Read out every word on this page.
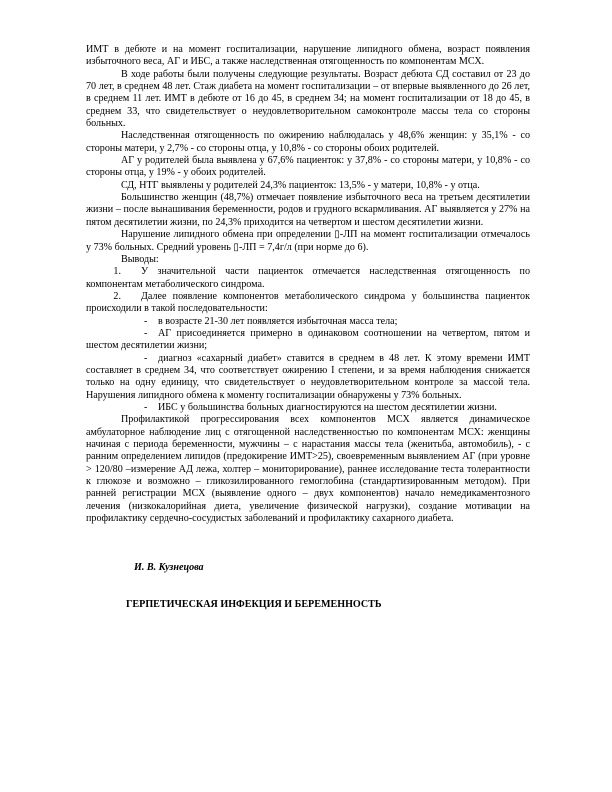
ИМТ в дебюте и на момент госпитализации, нарушение липидного обмена, возраст появления избыточного веса, АГ и ИБС, а также наследственная отягощенность по компонентам МСХ.

В ходе работы были получены следующие результаты. Возраст дебюта СД составил от 23 до 70 лет, в среднем 48 лет. Стаж диабета на момент госпитализации – от впервые выявленного до 26 лет, в среднем 11 лет. ИМТ в дебюте от 16 до 45, в среднем 34; на момент госпитализации от 18 до 45, в среднем 33, что свидетельствует о неудовлетворительном самоконтроле массы тела со стороны больных.

Наследственная отягощенность по ожирению наблюдалась у 48,6% женщин: у 35,1% - со стороны матери, у 2,7% - со стороны отца, у 10,8% - со стороны обоих родителей.

АГ у родителей была выявлена у 67,6% пациенток: у 37,8% - со стороны матери, у 10,8% - со стороны отца, у 19% - у обоих родителей.

СД, НТГ выявлены у родителей 24,3% пациенток: 13,5% - у матери, 10,8% - у отца.

Большинство женщин (48,7%) отмечает появление избыточного веса на третьем десятилетии жизни – после вынашивания беременности, родов и грудного вскармливания. АГ выявляется у 27% на пятом десятилетии жизни, по 24,3% приходится на четвертом и шестом десятилетии жизни.

Нарушение липидного обмена при определении ▯-ЛП на момент госпитализации отмечалось у 73% больных. Средний уровень ▯-ЛП = 7,4г/л (при норме до 6).

Выводы:

1. У значительной части пациенток отмечается наследственная отягощенность по компонентам метаболического синдрома.

2. Далее появление компонентов метаболического синдрома у большинства пациенток происходили в такой последовательности:

- в возрасте 21-30 лет появляется избыточная масса тела;

- АГ присоединяется примерно в одинаковом соотношении на четвертом, пятом и шестом десятилетии жизни;

- диагноз «сахарный диабет» ставится в среднем в 48 лет. К этому времени ИМТ составляет в среднем 34, что соответствует ожирению I степени, и за время наблюдения снижается только на одну единицу, что свидетельствует о неудовлетворительном контроле за массой тела. Нарушения липидного обмена к моменту госпитализации обнаружены у 73% больных.

- ИБС у большинства больных диагностируются на шестом десятилетии жизни.

Профилактикой прогрессирования всех компонентов МСХ является динамическое амбулаторное наблюдение лиц с отягощенной наследственностью по компонентам МСХ: женщины начиная с периода беременности, мужчины – с нарастания массы тела (женитьба, автомобиль), - с ранним определением липидов (предокирение ИМТ>25), своевременным выявлением АГ (при уровне > 120/80 –измерение АД лежа, холтер – мониторирование), раннее исследование теста толерантности к глюкозе и возможно – гликозилированного гемоглобина (стандартизированным методом). При ранней регистрации МСХ (выявление одного – двух компонентов) начало немедикаментозного лечения (низкокалорийная диета, увеличение физической нагрузки), создание мотивации на профилактику сердечно-сосудистых заболеваний и профилактику сахарного диабета.

И. В. Кузнецова

ГЕРПЕТИЧЕСКАЯ ИНФЕКЦИЯ И БЕРЕМЕННОСТЬ
